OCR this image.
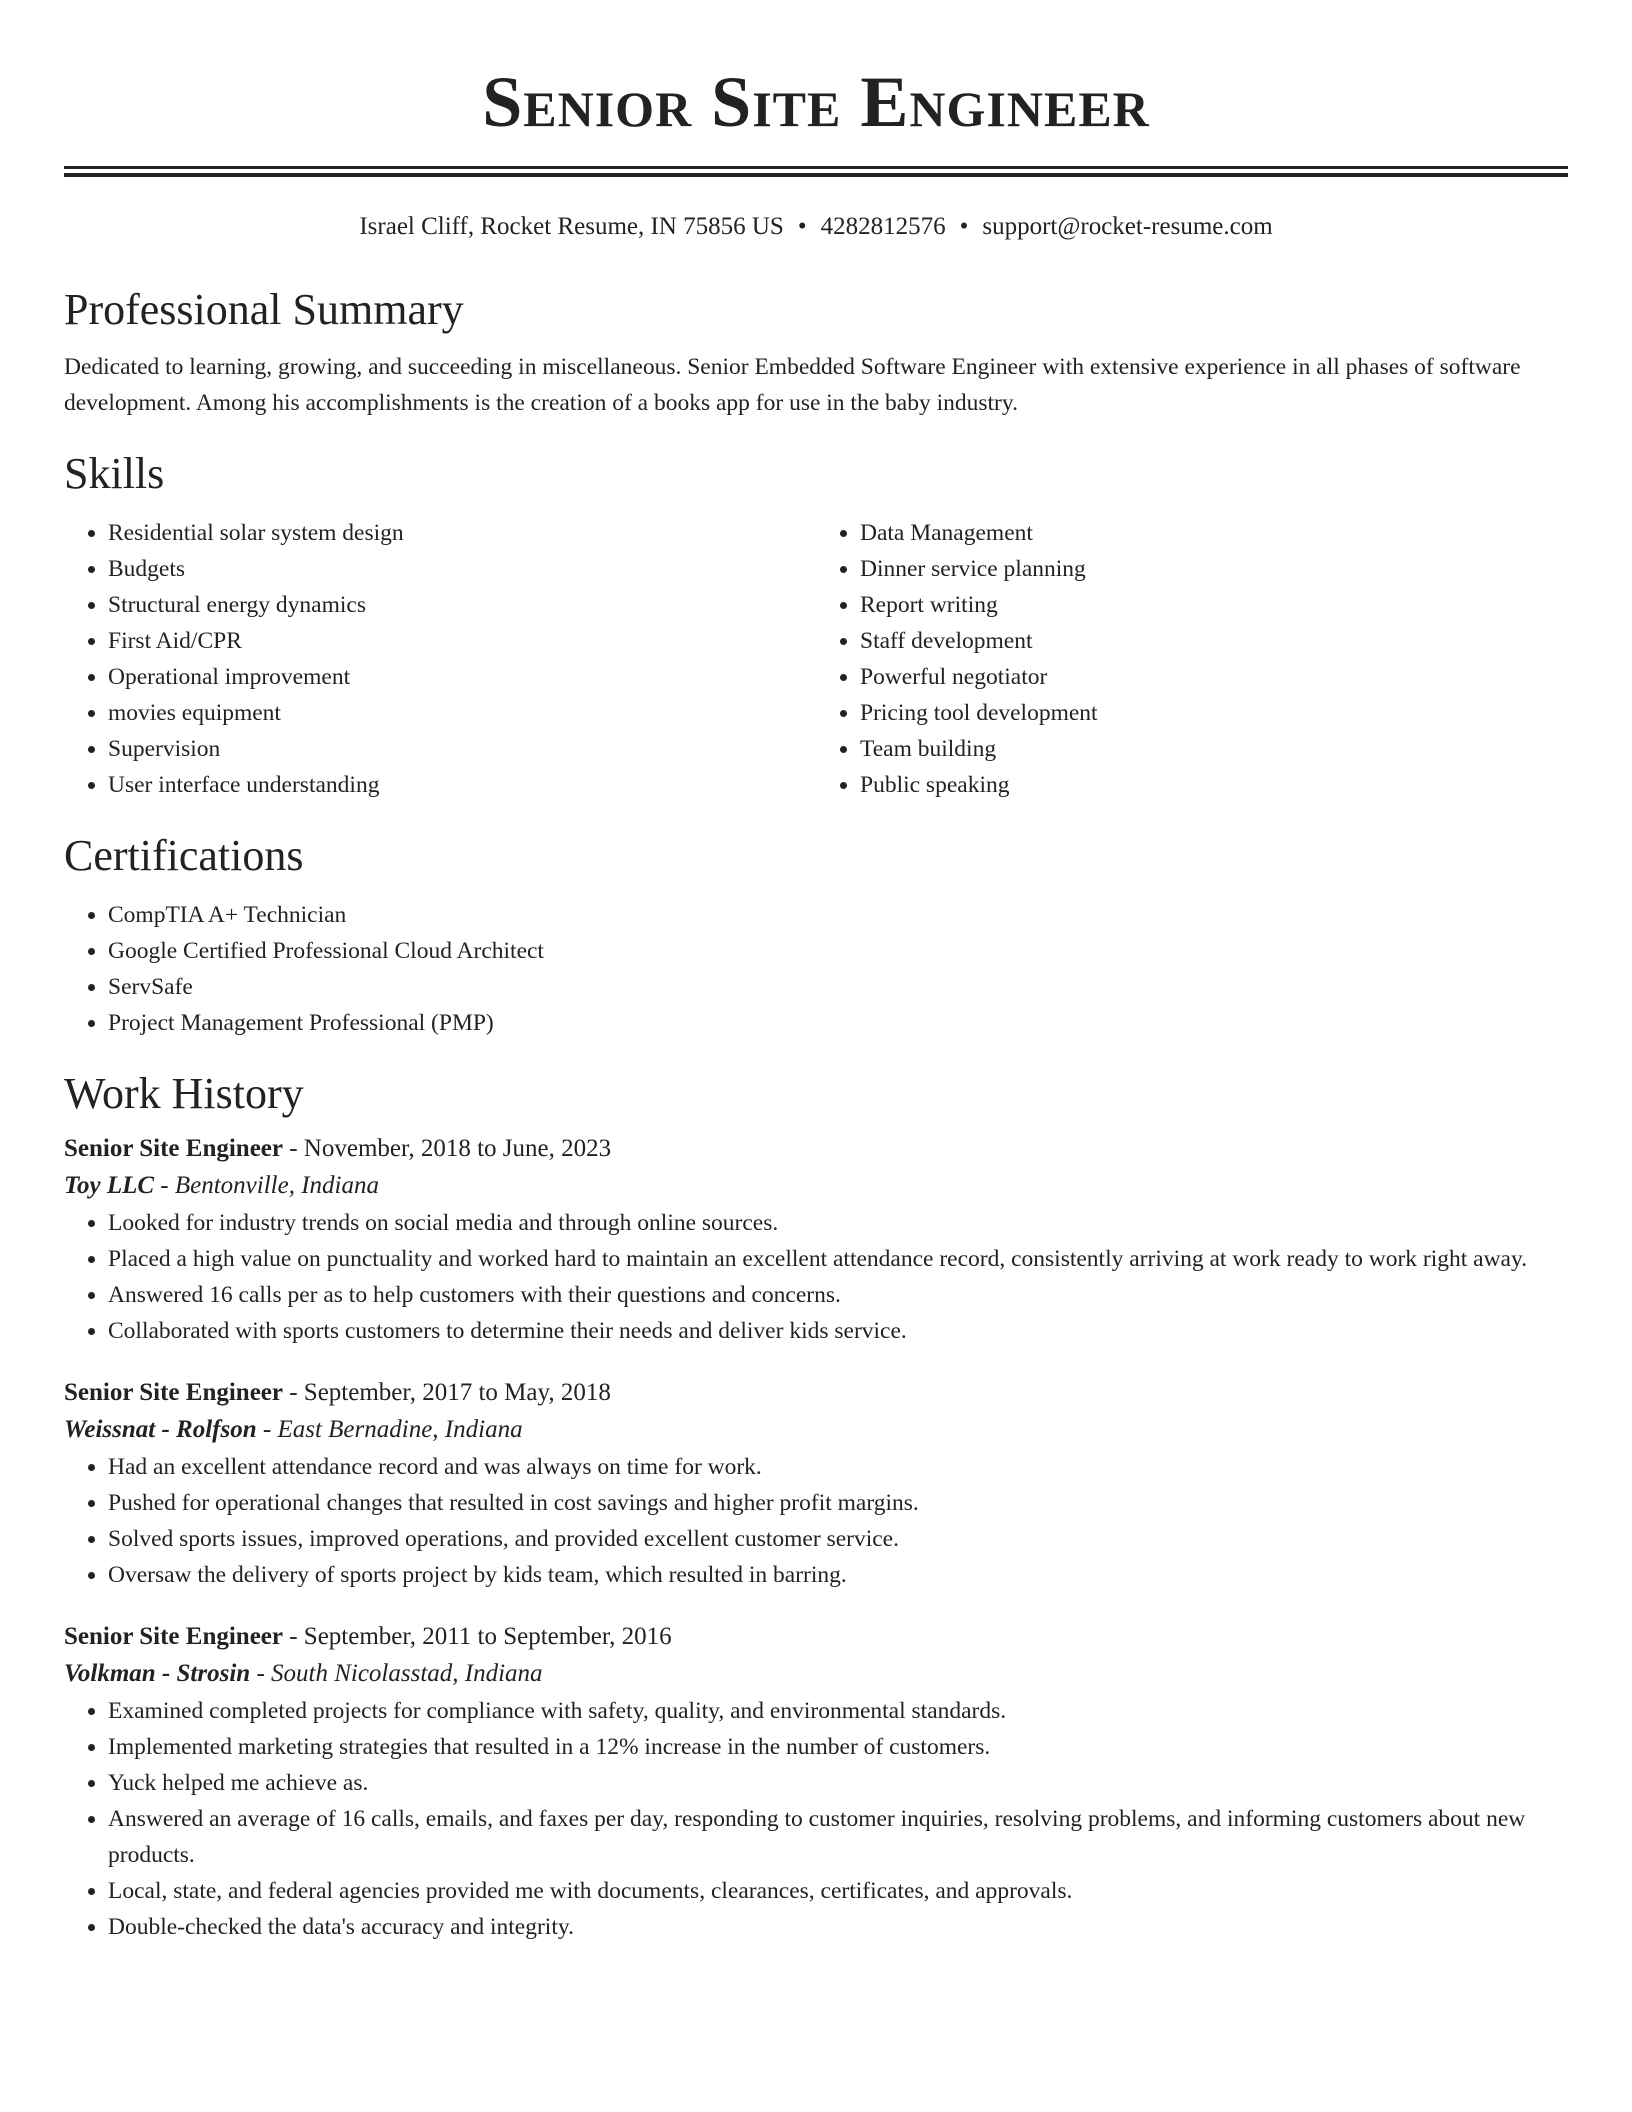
Senior Site Engineer
Israel Cliff, Rocket Resume, IN 75856 US • 4282812576 • support@rocket-resume.com
Professional Summary

Dedicated to learning, growing, and succeeding in miscellaneous. Senior Embedded Software Engineer with extensive experience in all phases of software development. Among his accomplishments is the creation of a books app for use in the baby industry.

Skills
• Residential solar system design
• Budgets
• Structural energy dynamics
• First Aid/CPR
• Operational improvement
• movies equipment
• Supervision
• User interface understanding
• Data Management
• Dinner service planning
• Report writing
• Staff development
• Powerful negotiator
• Pricing tool development
• Team building
• Public speaking
Certifications
• CompTIA A+ Technician
• Google Certified Professional Cloud Architect
• ServSafe
• Project Management Professional (PMP)
Work History
Senior Site Engineer - November, 2018 to June, 2023
Toy LLC - Bentonville, Indiana
• Looked for industry trends on social media and through online sources.
• Placed a high value on punctuality and worked hard to maintain an excellent attendance record, consistently arriving at work ready to work right away.
• Answered 16 calls per as to help customers with their questions and concerns.
• Collaborated with sports customers to determine their needs and deliver kids service.
Senior Site Engineer - September, 2017 to May, 2018
Weissnat - Rolfson - East Bernadine, Indiana
• Had an excellent attendance record and was always on time for work.
• Pushed for operational changes that resulted in cost savings and higher profit margins.
• Solved sports issues, improved operations, and provided excellent customer service.
• Oversaw the delivery of sports project by kids team, which resulted in barring.
Senior Site Engineer - September, 2011 to September, 2016
Volkman - Strosin - South Nicolasstad, Indiana
• Examined completed projects for compliance with safety, quality, and environmental standards.
• Implemented marketing strategies that resulted in a 12% increase in the number of customers.
• Yuck helped me achieve as.
• Answered an average of 16 calls, emails, and faxes per day, responding to customer inquiries, resolving problems, and informing customers about new products.
• Local, state, and federal agencies provided me with documents, clearances, certificates, and approvals.
• Double-checked the data's accuracy and integrity.
